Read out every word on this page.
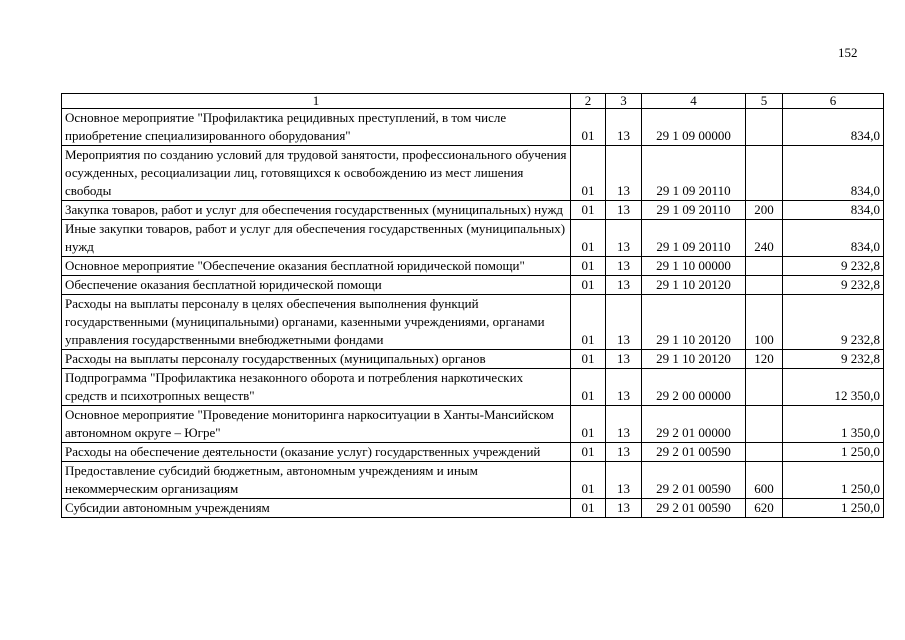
152
1	2	3	4	5	6
Основное мероприятие "Профилактика рецидивных преступлений, в том числе приобретение специализированного оборудования"	01	13	29 1 09 00000		834,0
Мероприятия по созданию условий для трудовой занятости, профессионального обучения осужденных, ресоциализации лиц, готовящихся к освобождению из мест лишения свободы	01	13	29 1 09 20110		834,0
Закупка товаров, работ и услуг для обеспечения государственных (муниципальных) нужд	01	13	29 1 09 20110	200	834,0
Иные закупки товаров, работ и услуг для обеспечения государственных (муниципальных) нужд	01	13	29 1 09 20110	240	834,0
Основное мероприятие "Обеспечение оказания бесплатной юридической помощи"	01	13	29 1 10 00000		9 232,8
Обеспечение оказания бесплатной юридической помощи	01	13	29 1 10 20120		9 232,8
Расходы на выплаты персоналу в целях обеспечения выполнения функций государственными (муниципальными) органами, казенными учреждениями, органами управления государственными внебюджетными фондами	01	13	29 1 10 20120	100	9 232,8
Расходы на выплаты персоналу государственных (муниципальных) органов	01	13	29 1 10 20120	120	9 232,8
Подпрограмма "Профилактика незаконного оборота и потребления наркотических средств и психотропных веществ"	01	13	29 2 00 00000		12 350,0
Основное мероприятие "Проведение мониторинга наркоситуации в Ханты-Мансийском автономном округе – Югре"	01	13	29 2 01 00000		1 350,0
Расходы на обеспечение деятельности (оказание услуг) государственных учреждений	01	13	29 2 01 00590		1 250,0
Предоставление субсидий бюджетным, автономным учреждениям и иным некоммерческим организациям	01	13	29 2 01 00590	600	1 250,0
Субсидии автономным учреждениям	01	13	29 2 01 00590	620	1 250,0
